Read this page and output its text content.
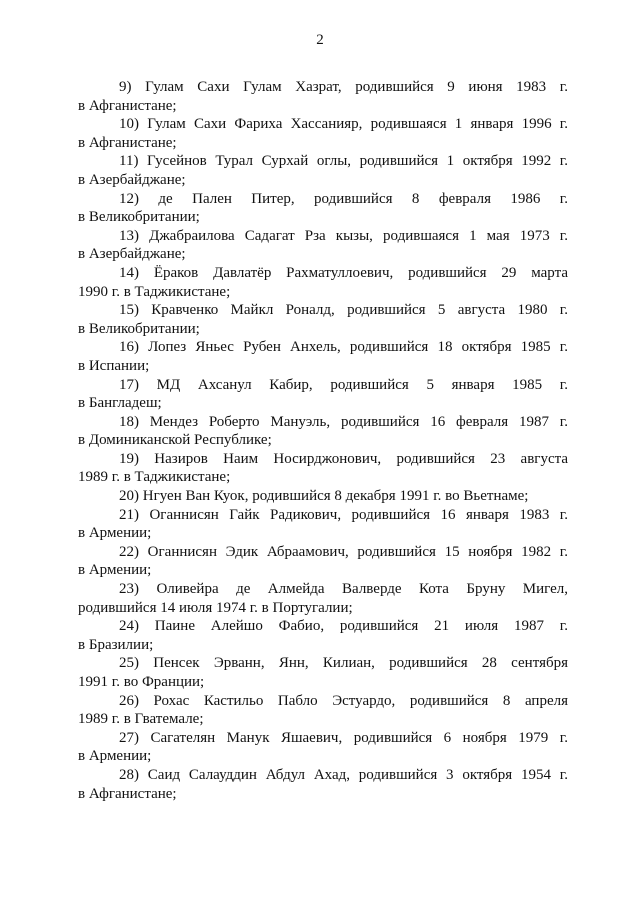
2
9) Гулам Сахи Гулам Хазрат, родившийся 9 июня 1983 г.
в Афганистане;
10) Гулам Сахи Фариха Хассанияр, родившаяся 1 января 1996 г.
в Афганистане;
11) Гусейнов Турал Сурхай оглы, родившийся 1 октября 1992 г.
в Азербайджане;
12) де Пален Питер, родившийся 8 февраля 1986 г.
в Великобритании;
13) Джабраилова Садагат Рза кызы, родившаяся 1 мая 1973 г.
в Азербайджане;
14) Ёраков Давлатёр Рахматуллоевич, родившийся 29 марта
1990 г. в Таджикистане;
15) Кравченко Майкл Роналд, родившийся 5 августа 1980 г.
в Великобритании;
16) Лопез Яньес Рубен Анхель, родившийся 18 октября 1985 г.
в Испании;
17) МД Ахсанул Кабир, родившийся 5 января 1985 г.
в Бангладеш;
18) Мендез Роберто Мануэль, родившийся 16 февраля 1987 г.
в Доминиканской Республике;
19) Назиров Наим Носирджонович, родившийся 23 августа
1989 г. в Таджикистане;
20) Нгуен Ван Куок, родившийся 8 декабря 1991 г. во Вьетнаме;
21) Оганнисян Гайк Радикович, родившийся 16 января 1983 г.
в Армении;
22) Оганнисян Эдик Абраамович, родившийся 15 ноября 1982 г.
в Армении;
23) Оливейра де Алмейда Валверде Кота Бруну Мигел,
родившийся 14 июля 1974 г. в Португалии;
24) Паине Алейшо Фабио, родившийся 21 июля 1987 г.
в Бразилии;
25) Пенсек Эрванн, Янн, Килиан, родившийся 28 сентября
1991 г. во Франции;
26) Рохас Кастильо Пабло Эстуардо, родившийся 8 апреля
1989 г. в Гватемале;
27) Сагателян Манук Яшаевич, родившийся 6 ноября 1979 г.
в Армении;
28) Саид Салауддин Абдул Ахад, родившийся 3 октября 1954 г.
в Афганистане;
